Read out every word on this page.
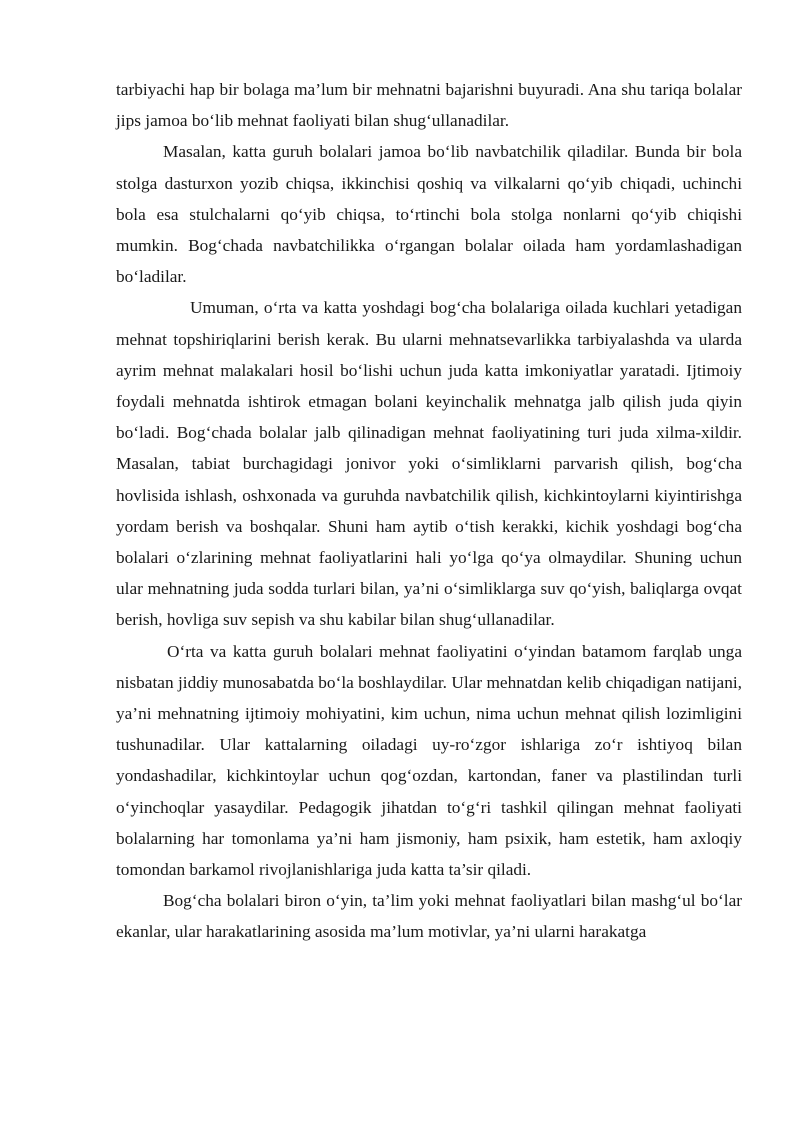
tarbiyachi hap bir bolaga ma’lum bir mehnatni bajarishni buyuradi. Ana shu tariqa bolalar jips jamoa bo‘lib mehnat faoliyati bilan shug‘ullanadilar.

Masalan, katta guruh bolalari jamoa bo‘lib navbatchilik qiladilar. Bunda bir bola stolga dasturxon yozib chiqsa, ikkinchisi qoshiq va vilkalarni qo‘yib chiqadi, uchinchi bola esa stulchalarni qo‘yib chiqsa, to‘rtinchi bola stolga nonlarni qo‘yib chiqishi mumkin. Bog‘chada navbatchilikka o‘rgangan bolalar oilada ham yordamlashadigan bo‘ladilar.

Umuman, o‘rta va katta yoshdagi bog‘cha bolalariga oilada kuchlari yetadigan mehnat topshiriqlarini berish kerak. Bu ularni mehnatsevarlikka tarbiyalashda va ularda ayrim mehnat malakalari hosil bo‘lishi uchun juda katta imkoniyatlar yaratadi. Ijtimoiy foydali mehnatda ishtirok etmagan bolani keyinchalik mehnatga jalb qilish juda qiyin bo‘ladi. Bog‘chada bolalar jalb qilinadigan mehnat faoliyatining turi juda xilma-xildir. Masalan, tabiat burchagidagi jonivor yoki o‘simliklarni parvarish qilish, bog‘cha hovlisida ishlash, oshxonada va guruhda navbatchilik qilish, kichkintoylarni kiyintirishga yordam berish va boshqalar. Shuni ham aytib o‘tish kerakki, kichik yoshdagi bog‘cha bolalari o‘zlarining mehnat faoliyatlarini hali yo‘lga qo‘ya olmaydilar. Shuning uchun ular mehnatning juda sodda turlari bilan, ya’ni o‘simliklarga suv qo‘yish, baliqlarga ovqat berish, hovliga suv sepish va shu kabilar bilan shug‘ullanadilar.

O‘rta va katta guruh bolalari mehnat faoliyatini o‘yindan batamom farqlab unga nisbatan jiddiy munosabatda bo‘la boshlaydilar. Ular mehnatdan kelib chiqadigan natijani, ya’ni mehnatning ijtimoiy mohiyatini, kim uchun, nima uchun mehnat qilish lozimligini tushunadilar. Ular kattalarning oiladagi uy-ro‘zgor ishlariga zo‘r ishtiyoq bilan yondashadilar, kichkintoylar uchun qog‘ozdan, kartondan, faner va plastilindan turli o‘yinchoqlar yasaydilar. Pedagogik jihatdan to‘g‘ri tashkil qilingan mehnat faoliyati bolalarning har tomonlama ya’ni ham jismoniy, ham psixik, ham estetik, ham axloqiy tomondan barkamol rivojlanishlariga juda katta ta’sir qiladi.

Bog‘cha bolalari biron o‘yin, ta’lim yoki mehnat faoliyatlari bilan mashg‘ul bo‘lar ekanlar, ular harakatlarining asosida ma’lum motivlar, ya’ni ularni harakatga
